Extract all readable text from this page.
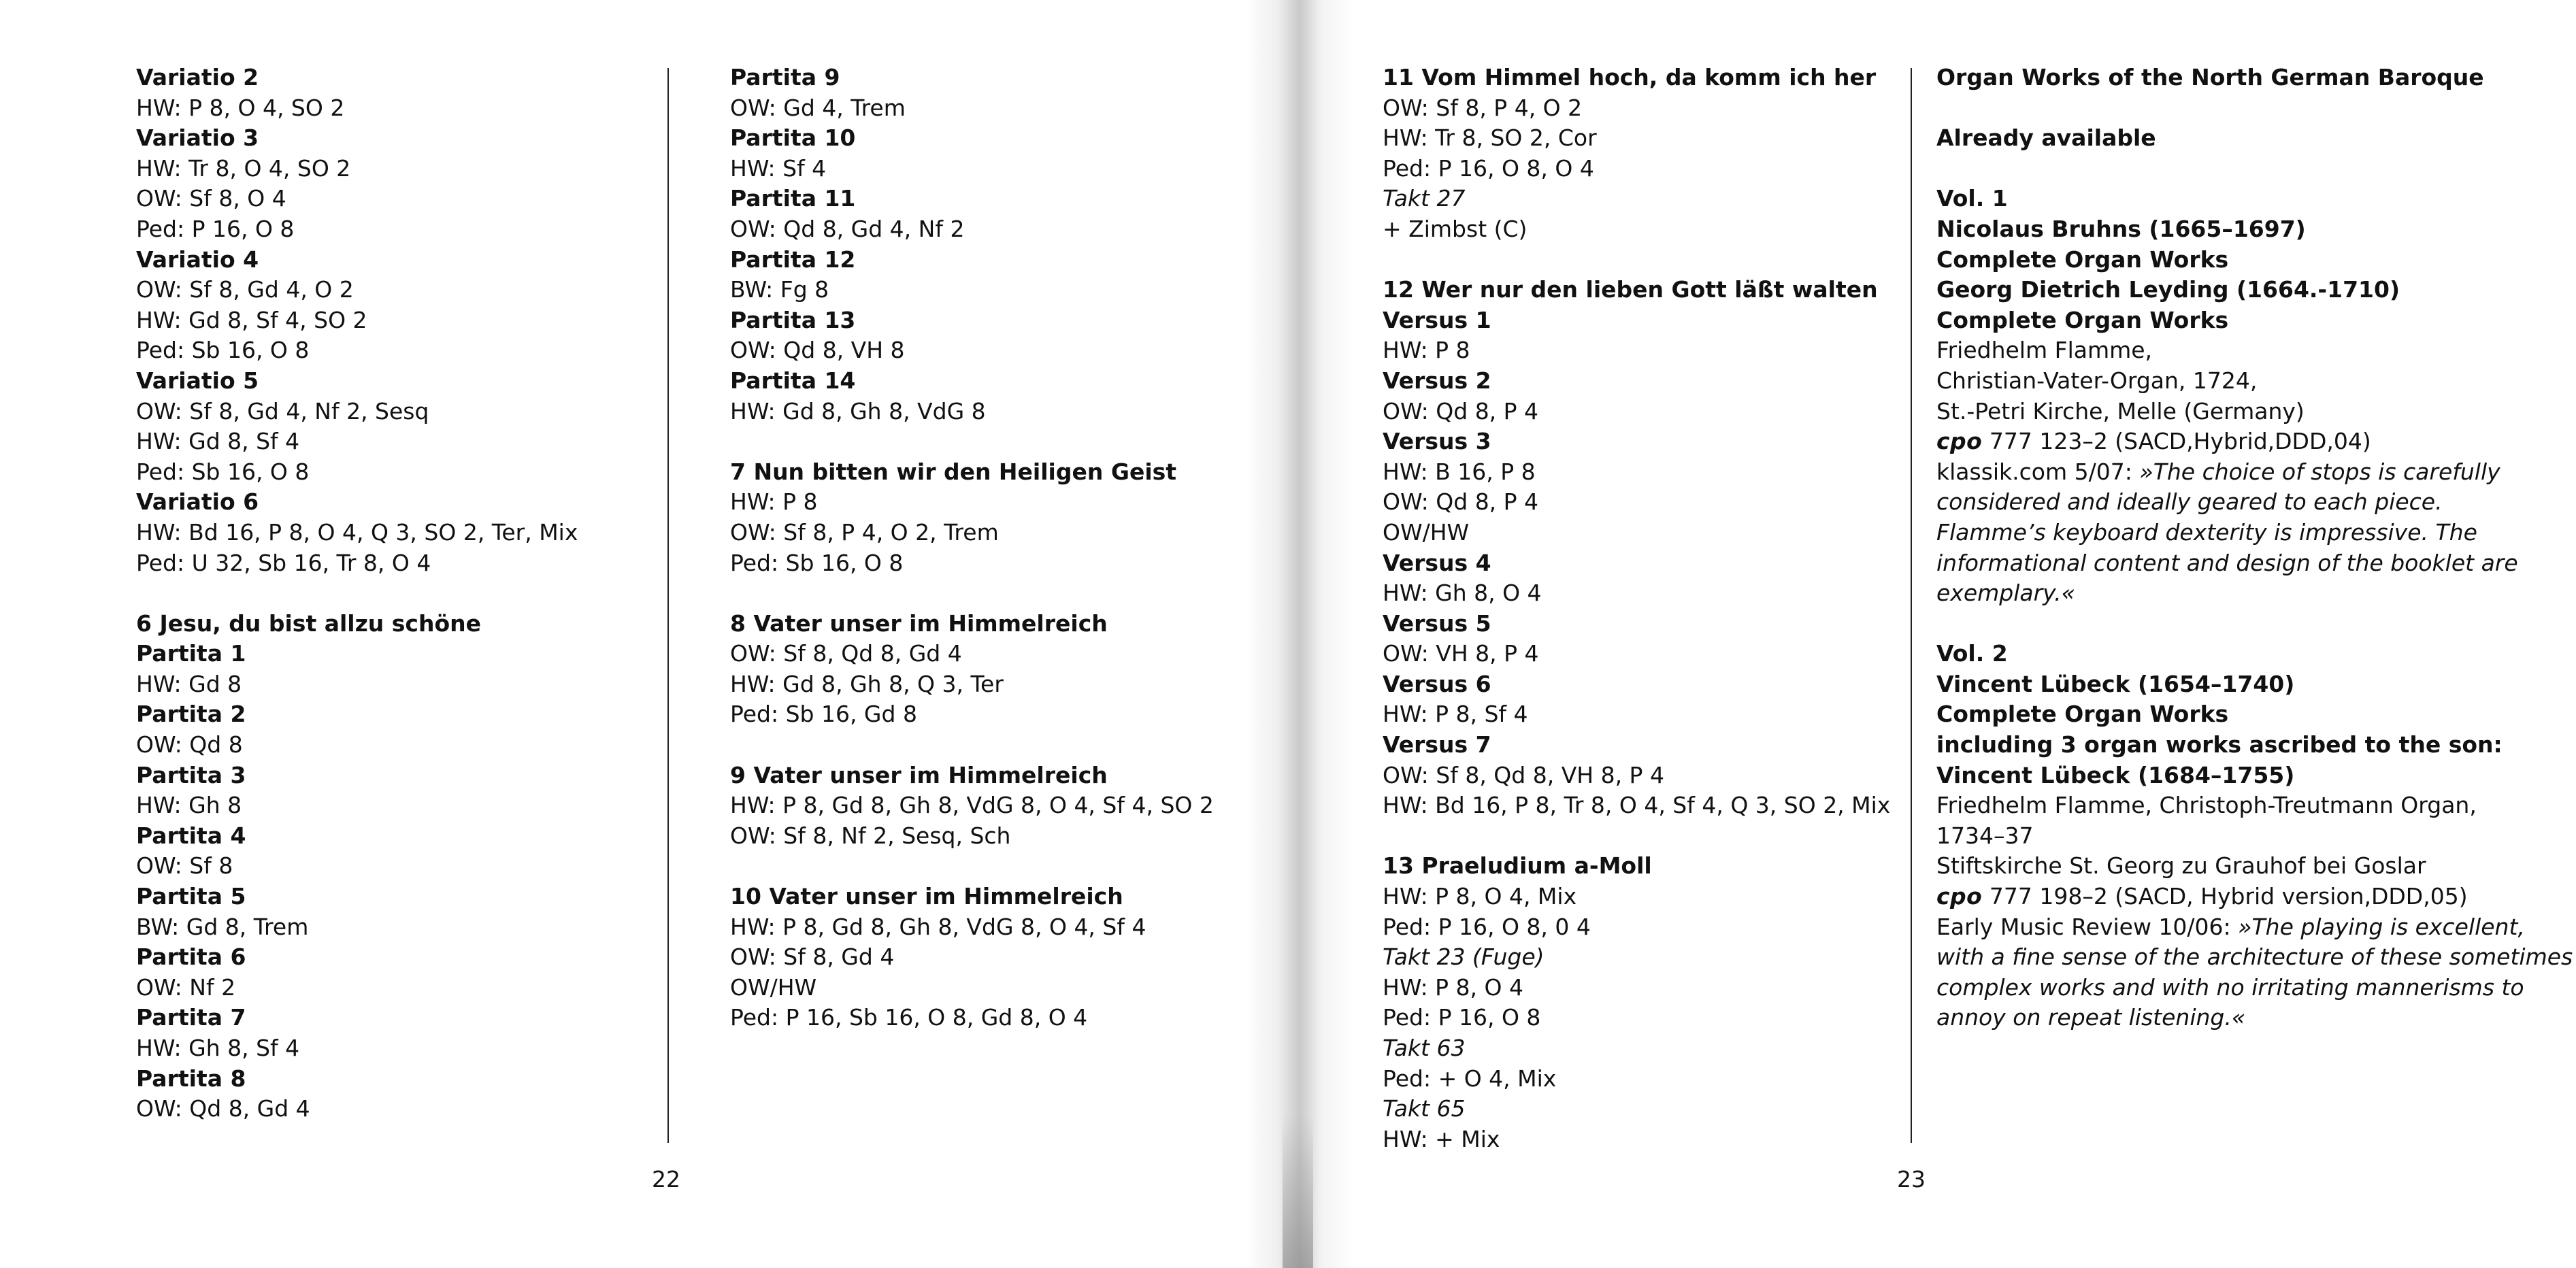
Variatio 2
HW: P 8, O 4, SO 2
Variatio 3
HW: Tr 8, O 4, SO 2
OW: Sf 8, O 4
Ped: P 16, O 8
Variatio 4
OW: Sf 8, Gd 4, O 2
HW: Gd 8, Sf 4, SO 2
Ped: Sb 16, O 8
Variatio 5
OW: Sf 8, Gd 4, Nf 2, Sesq
HW: Gd 8, Sf 4
Ped: Sb 16, O 8
Variatio 6
HW: Bd 16, P 8, O 4, Q 3, SO 2, Ter, Mix
Ped: U 32, Sb 16, Tr 8, O 4
6 Jesu, du bist allzu schöne
Partita 1
HW: Gd 8
Partita 2
OW: Qd 8
Partita 3
HW: Gh 8
Partita 4
OW: Sf 8
Partita 5
BW: Gd 8, Trem
Partita 6
OW: Nf 2
Partita 7
HW: Gh 8, Sf 4
Partita 8
OW: Qd 8, Gd 4
Partita 9
OW: Gd 4, Trem
Partita 10
HW: Sf 4
Partita 11
OW: Qd 8, Gd 4, Nf 2
Partita 12
BW: Fg 8
Partita 13
OW: Qd 8, VH 8
Partita 14
HW: Gd 8, Gh 8, VdG 8
7 Nun bitten wir den Heiligen Geist
HW: P 8
OW: Sf 8, P 4, O 2, Trem
Ped: Sb 16, O 8
8 Vater unser im Himmelreich
OW: Sf 8, Qd 8, Gd 4
HW: Gd 8, Gh 8, Q 3, Ter
Ped: Sb 16, Gd 8
9 Vater unser im Himmelreich
HW: P 8, Gd 8, Gh 8, VdG 8, O 4, Sf 4, SO 2
OW: Sf 8, Nf 2, Sesq, Sch
10 Vater unser im Himmelreich
HW: P 8, Gd 8, Gh 8, VdG 8, O 4, Sf 4
OW: Sf 8, Gd 4
OW/HW
Ped: P 16, Sb 16, O 8, Gd 8, O 4
22
11 Vom Himmel hoch, da komm ich her
OW: Sf 8, P 4, O 2
HW: Tr 8, SO 2, Cor
Ped: P 16, O 8, O 4
Takt 27
+ Zimbst (C)
12 Wer nur den lieben Gott läßt walten
Versus 1
HW: P 8
Versus 2
OW: Qd 8, P 4
Versus 3
HW: B 16, P 8
OW: Qd 8, P 4
OW/HW
Versus 4
HW: Gh 8, O 4
Versus 5
OW: VH 8, P 4
Versus 6
HW: P 8, Sf 4
Versus 7
OW: Sf 8, Qd 8, VH 8, P 4
HW: Bd 16, P 8, Tr 8, O 4, Sf 4, Q 3, SO 2, Mix
13 Praeludium a-Moll
HW: P 8, O 4, Mix
Ped: P 16, O 8, 0 4
Takt 23 (Fuge)
HW: P 8, O 4
Ped: P 16, O 8
Takt 63
Ped: + O 4, Mix
Takt 65
HW: + Mix
Organ Works of the North German Baroque
Already available
Vol. 1
Nicolaus Bruhns (1665–1697)
Complete Organ Works
Georg Dietrich Leyding (1664.-1710)
Complete Organ Works
Friedhelm Flamme,
Christian-Vater-Organ, 1724,
St.-Petri Kirche, Melle (Germany)
cpo 777 123–2 (SACD,Hybrid,DDD,04)
klassik.com 5/07: »The choice of stops is carefully
considered and ideally geared to each piece.
Flamme’s keyboard dexterity is impressive. The
informational content and design of the booklet are
exemplary.«
Vol. 2
Vincent Lübeck (1654–1740)
Complete Organ Works
including 3 organ works ascribed to the son:
Vincent Lübeck (1684–1755)
Friedhelm Flamme, Christoph-Treutmann Organ,
1734–37
Stiftskirche St. Georg zu Grauhof bei Goslar
cpo 777 198–2 (SACD, Hybrid version,DDD,05)
Early Music Review 10/06: »The playing is excellent,
with a fine sense of the architecture of these sometimes
complex works and with no irritating mannerisms to
annoy on repeat listening.«
23
